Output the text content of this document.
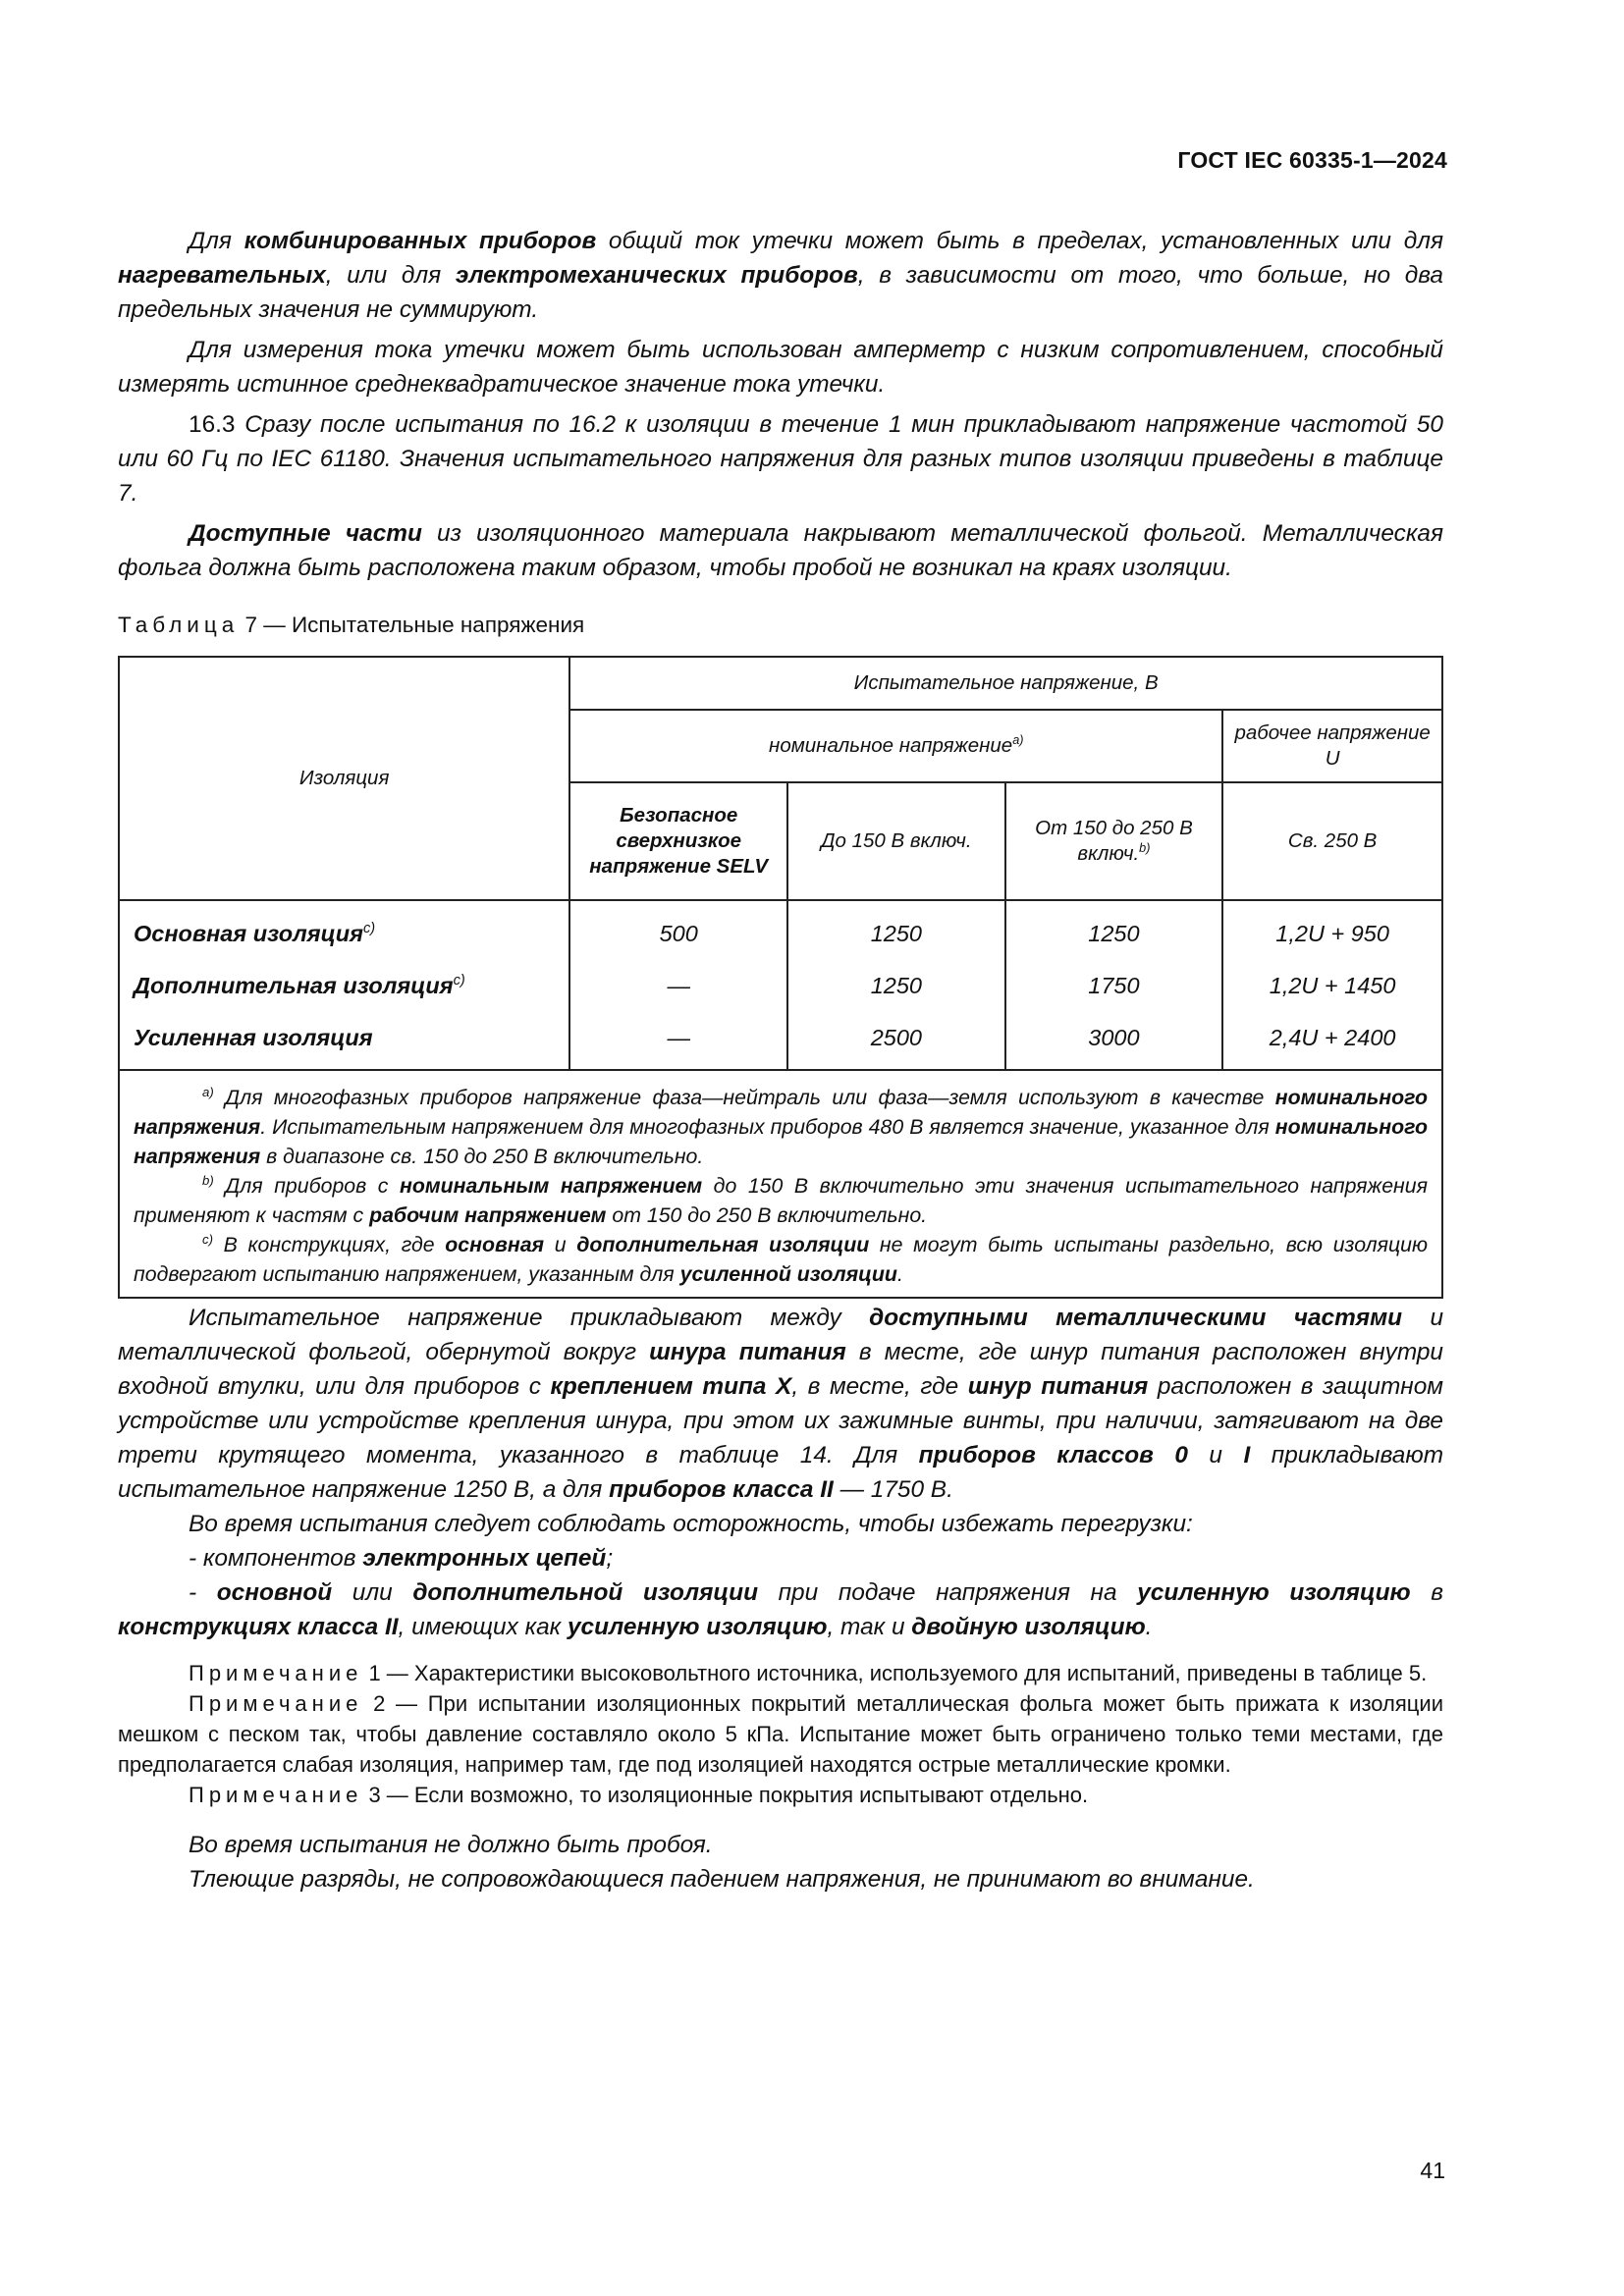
ГОСТ IEC 60335-1—2024

Для комбинированных приборов общий ток утечки может быть в пределах, установленных или для нагревательных, или для электромеханических приборов, в зависимости от того, что больше, но два предельных значения не суммируют.

Для измерения тока утечки может быть использован амперметр с низким сопротивлением, способный измерять истинное среднеквадратическое значение тока утечки.

16.3 Сразу после испытания по 16.2 к изоляции в течение 1 мин прикладывают напряжение частотой 50 или 60 Гц по IEC 61180. Значения испытательного напряжения для разных типов изоляции приведены в таблице 7.

Доступные части из изоляционного материала накрывают металлической фольгой. Металлическая фольга должна быть расположена таким образом, чтобы пробой не возникал на краях изоляции.

Таблица 7 — Испытательные напряжения
Изоляция	Испытательное напряжение, В			
	номинальное напряжение$^{a)}$			рабочее напряжение U
	Безопасное сверхнизкое напряжение SELV	До 150 В включ.	От 150 до 250 В включ.$^{b)}$	Св. 250 В
Основная изоляция$^{c)}$	500	1250	1250	1,2U + 950
Дополнительная изоляция$^{c)}$	—	1250	1750	1,2U + 1450
Усиленная изоляция	—	2500	3000	2,4U + 2400

$^{a)}$ Для многофазных приборов напряжение фаза—нейтраль или фаза—земля используют в качестве номинального напряжения. Испытательным напряжением для многофазных приборов 480 В является значение, указанное для номинального напряжения в диапазоне св. 150 до 250 В включительно.

$^{b)}$ Для приборов с номинальным напряжением до 150 В включительно эти значения испытательного напряжения применяют к частям с рабочим напряжением от 150 до 250 В включительно.

$^{c)}$ В конструкциях, где основная и дополнительная изоляции не могут быть испытаны раздельно, всю изоляцию подвергают испытанию напряжением, указанным для усиленной изоляции.				

Испытательное напряжение прикладывают между доступными металлическими частями и металлической фольгой, обернутой вокруг шнура питания в месте, где шнур питания расположен внутри входной втулки, или для приборов с креплением типа X, в месте, где шнур питания расположен в защитном устройстве или устройстве крепления шнура, при этом их зажимные винты, при наличии, затягивают на две трети крутящего момента, указанного в таблице 14. Для приборов классов 0 и I прикладывают испытательное напряжение 1250 В, а для приборов класса II — 1750 В.

Во время испытания следует соблюдать осторожность, чтобы избежать перегрузки:

- компонентов электронных цепей;

- основной или дополнительной изоляции при подаче напряжения на усиленную изоляцию в конструкциях класса II, имеющих как усиленную изоляцию, так и двойную изоляцию.

Примечание 1 — Характеристики высоковольтного источника, используемого для испытаний, приведены в таблице 5.

Примечание 2 — При испытании изоляционных покрытий металлическая фольга может быть прижата к изоляции мешком с песком так, чтобы давление составляло около 5 кПа. Испытание может быть ограничено только теми местами, где предполагается слабая изоляция, например там, где под изоляцией находятся острые металлические кромки.

Примечание 3 — Если возможно, то изоляционные покрытия испытывают отдельно.

Во время испытания не должно быть пробоя.

Тлеющие разряды, не сопровождающиеся падением напряжения, не принимают во внимание.

41
